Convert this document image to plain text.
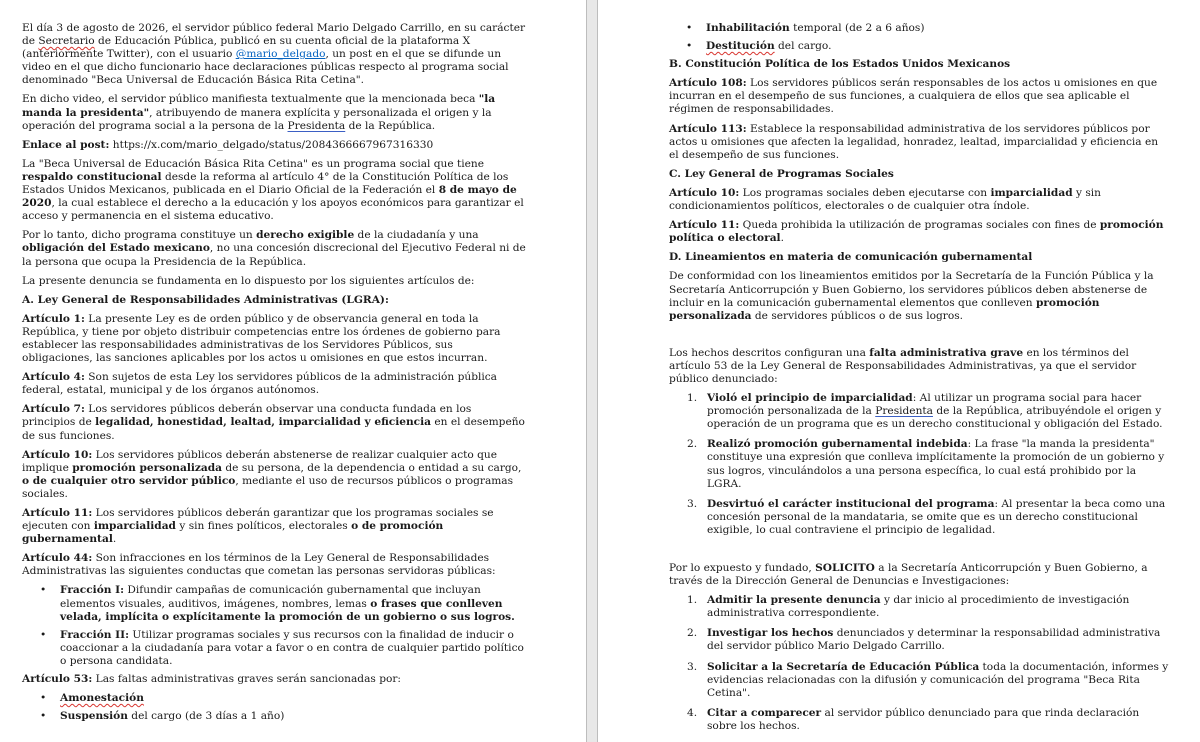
El día 3 de agosto de 2026, el servidor público federal Mario Delgado Carrillo, en su carácter de Secretario de Educación Pública, publicó en su cuenta oficial de la plataforma X (anteriormente Twitter), con el usuario @mario_delgado, un post en el que se difunde un video en el que dicho funcionario hace declaraciones públicas respecto al programa social denominado "Beca Universal de Educación Básica Rita Cetina".

En dicho video, el servidor público manifiesta textualmente que la mencionada beca "la manda la presidenta", atribuyendo de manera explícita y personalizada el origen y la operación del programa social a la persona de la Presidenta de la República.

Enlace al post: https://x.com/mario_delgado/status/2084366667967316330

La "Beca Universal de Educación Básica Rita Cetina" es un programa social que tiene respaldo constitucional desde la reforma al artículo 4° de la Constitución Política de los Estados Unidos Mexicanos, publicada en el Diario Oficial de la Federación el 8 de mayo de 2020, la cual establece el derecho a la educación y los apoyos económicos para garantizar el acceso y permanencia en el sistema educativo.

Por lo tanto, dicho programa constituye un derecho exigible de la ciudadanía y una obligación del Estado mexicano, no una concesión discrecional del Ejecutivo Federal ni de la persona que ocupa la Presidencia de la República.

La presente denuncia se fundamenta en lo dispuesto por los siguientes artículos de:

A. Ley General de Responsabilidades Administrativas (LGRA):

Artículo 1: La presente Ley es de orden público y de observancia general en toda la República, y tiene por objeto distribuir competencias entre los órdenes de gobierno para establecer las responsabilidades administrativas de los Servidores Públicos, sus obligaciones, las sanciones aplicables por los actos u omisiones en que estos incurran.

Artículo 4: Son sujetos de esta Ley los servidores públicos de la administración pública federal, estatal, municipal y de los órganos autónomos.

Artículo 7: Los servidores públicos deberán observar una conducta fundada en los principios de legalidad, honestidad, lealtad, imparcialidad y eficiencia en el desempeño de sus funciones.

Artículo 10: Los servidores públicos deberán abstenerse de realizar cualquier acto que implique promoción personalizada de su persona, de la dependencia o entidad a su cargo, o de cualquier otro servidor público, mediante el uso de recursos públicos o programas sociales.

Artículo 11: Los servidores públicos deberán garantizar que los programas sociales se ejecuten con imparcialidad y sin fines políticos, electorales o de promoción gubernamental.

Artículo 44: Son infracciones en los términos de la Ley General de Responsabilidades Administrativas las siguientes conductas que cometan las personas servidoras públicas:

• Fracción I: Difundir campañas de comunicación gubernamental que incluyan elementos visuales, auditivos, imágenes, nombres, lemas o frases que conlleven velada, implícita o explícitamente la promoción de un gobierno o sus logros.
• Fracción II: Utilizar programas sociales y sus recursos con la finalidad de inducir o coaccionar a la ciudadanía para votar a favor o en contra de cualquier partido político o persona candidata.

Artículo 53: Las faltas administrativas graves serán sancionadas por:

• Amonestación
• Suspensión del cargo (de 3 días a 1 año)
• Inhabilitación temporal (de 2 a 6 años)
• Destitución del cargo.

B. Constitución Política de los Estados Unidos Mexicanos

Artículo 108: Los servidores públicos serán responsables de los actos u omisiones en que incurran en el desempeño de sus funciones, a cualquiera de ellos que sea aplicable el régimen de responsabilidades.

Artículo 113: Establece la responsabilidad administrativa de los servidores públicos por actos u omisiones que afecten la legalidad, honradez, lealtad, imparcialidad y eficiencia en el desempeño de sus funciones.

C. Ley General de Programas Sociales

Artículo 10: Los programas sociales deben ejecutarse con imparcialidad y sin condicionamientos políticos, electorales o de cualquier otra índole.

Artículo 11: Queda prohibida la utilización de programas sociales con fines de promoción política o electoral.

D. Lineamientos en materia de comunicación gubernamental

De conformidad con los lineamientos emitidos por la Secretaría de la Función Pública y la Secretaría Anticorrupción y Buen Gobierno, los servidores públicos deben abstenerse de incluir en la comunicación gubernamental elementos que conlleven promoción personalizada de servidores públicos o de sus logros.

Los hechos descritos configuran una falta administrativa grave en los términos del artículo 53 de la Ley General de Responsabilidades Administrativas, ya que el servidor público denunciado:

1. Violó el principio de imparcialidad: Al utilizar un programa social para hacer promoción personalizada de la Presidenta de la República, atribuyéndole el origen y operación de un programa que es un derecho constitucional y obligación del Estado.
2. Realizó promoción gubernamental indebida: La frase "la manda la presidenta" constituye una expresión que conlleva implícitamente la promoción de un gobierno y sus logros, vinculándolos a una persona específica, lo cual está prohibido por la LGRA.
3. Desvirtuó el carácter institucional del programa: Al presentar la beca como una concesión personal de la mandataria, se omite que es un derecho constitucional exigible, lo cual contraviene el principio de legalidad.

Por lo expuesto y fundado, SOLICITO a la Secretaría Anticorrupción y Buen Gobierno, a través de la Dirección General de Denuncias e Investigaciones:

1. Admitir la presente denuncia y dar inicio al procedimiento de investigación administrativa correspondiente.
2. Investigar los hechos denunciados y determinar la responsabilidad administrativa del servidor público Mario Delgado Carrillo.
3. Solicitar a la Secretaría de Educación Pública toda la documentación, informes y evidencias relacionadas con la difusión y comunicación del programa "Beca Rita Cetina".
4. Citar a comparecer al servidor público denunciado para que rinda declaración sobre los hechos.
